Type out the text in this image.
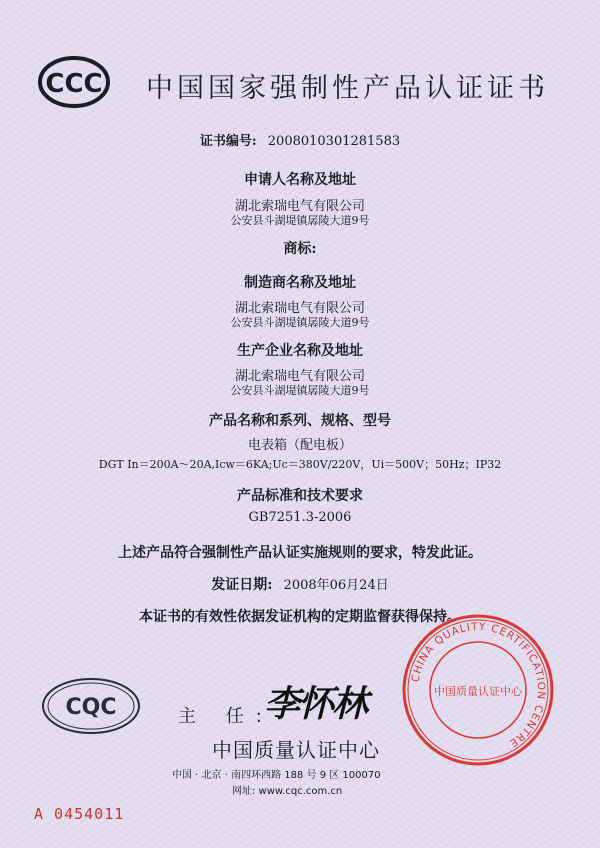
CCC 中国国家强制性产品认证证书
证书编号: 2008010301281583
申请人名称及地址
湖北索瑞电气有限公司
公安县斗湖堤镇孱陵大道9号
商标:
制造商名称及地址
湖北索瑞电气有限公司
公安县斗湖堤镇孱陵大道9号
生产企业名称及地址
湖北索瑞电气有限公司
公安县斗湖堤镇孱陵大道9号
产品名称和系列、规格、型号
电表箱（配电板）
DGT In＝200A～20A,Icw＝6KA;Uc＝380V/220V，Ui＝500V；50Hz；IP32
产品标准和技术要求
GB7251.3-2006
上述产品符合强制性产品认证实施规则的要求，特发此证。
发证日期: 2008年06月24日
本证书的有效性依据发证机构的定期监督获得保持。
CQC	主 任:
李怀林
中国质量认证中心
中国 · 北京 · 南四环西路 188 号 9 区 100070
网址: www.cqc.com.cn
CHINA QUALITY CERTIFICATION CENTRE
中国质量认证中心
A 0454011
